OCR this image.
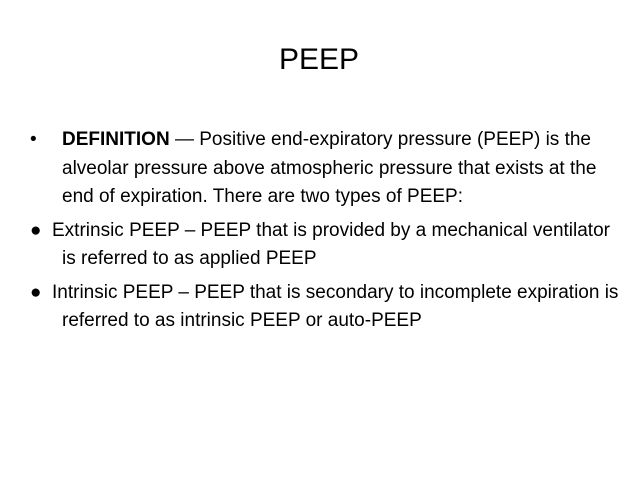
PEEP
• DEFINITION — Positive end-expiratory pressure (PEEP) is the alveolar pressure above atmospheric pressure that exists at the end of expiration. There are two types of PEEP:
● Extrinsic PEEP – PEEP that is provided by a mechanical ventilator is referred to as applied PEEP
● Intrinsic PEEP – PEEP that is secondary to incomplete expiration is referred to as intrinsic PEEP or auto-PEEP
